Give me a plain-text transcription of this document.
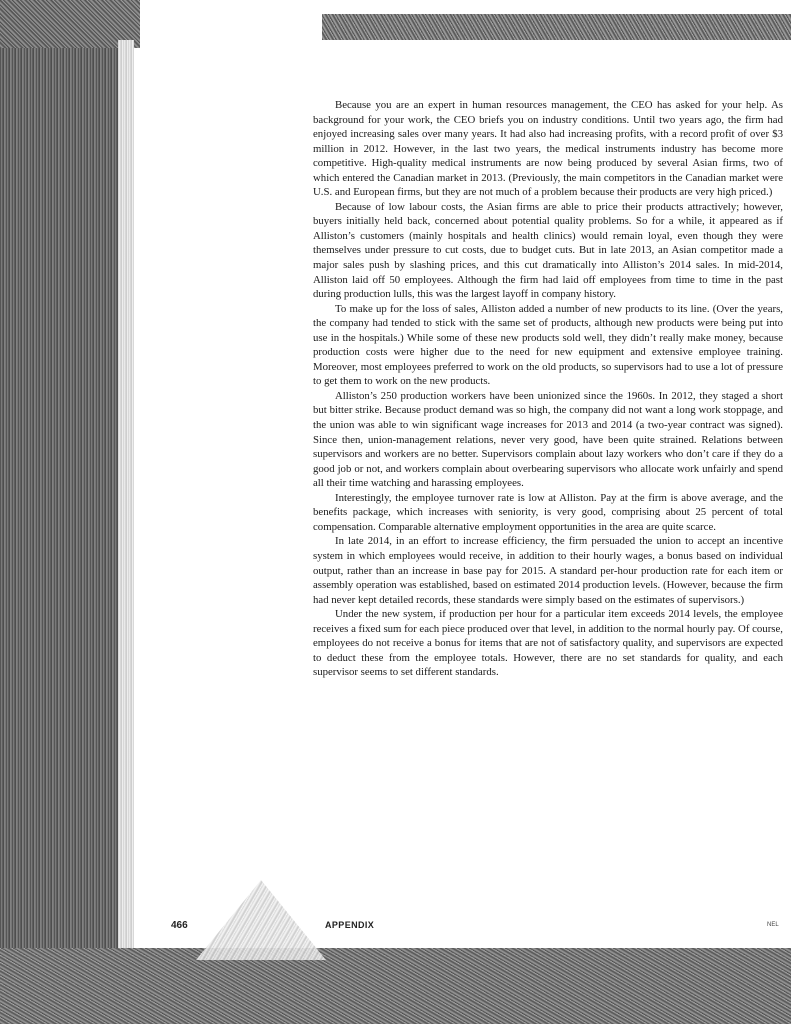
Because you are an expert in human resources management, the CEO has asked for your help. As background for your work, the CEO briefs you on industry conditions. Until two years ago, the firm had enjoyed increasing sales over many years. It had also had increasing profits, with a record profit of over $3 million in 2012. However, in the last two years, the medical instruments industry has become more competitive. High-quality medical instruments are now being produced by several Asian firms, two of which entered the Canadian market in 2013. (Previously, the main competitors in the Canadian market were U.S. and European firms, but they are not much of a problem because their products are very high priced.)

Because of low labour costs, the Asian firms are able to price their products attractively; however, buyers initially held back, concerned about potential quality problems. So for a while, it appeared as if Alliston’s customers (mainly hospitals and health clinics) would remain loyal, even though they were themselves under pressure to cut costs, due to budget cuts. But in late 2013, an Asian competitor made a major sales push by slashing prices, and this cut dramatically into Alliston’s 2014 sales. In mid-2014, Alliston laid off 50 employees. Although the firm had laid off employees from time to time in the past during production lulls, this was the largest layoff in company history.

To make up for the loss of sales, Alliston added a number of new products to its line. (Over the years, the company had tended to stick with the same set of products, although new products were being put into use in the hospitals.) While some of these new products sold well, they didn’t really make money, because production costs were higher due to the need for new equipment and extensive employee training. Moreover, most employees preferred to work on the old products, so supervisors had to use a lot of pressure to get them to work on the new products.

Alliston’s 250 production workers have been unionized since the 1960s. In 2012, they staged a short but bitter strike. Because product demand was so high, the company did not want a long work stoppage, and the union was able to win significant wage increases for 2013 and 2014 (a two-year contract was signed). Since then, union-management relations, never very good, have been quite strained. Relations between supervisors and workers are no better. Supervisors complain about lazy workers who don’t care if they do a good job or not, and workers complain about overbearing supervisors who allocate work unfairly and spend all their time watching and harassing employees.

Interestingly, the employee turnover rate is low at Alliston. Pay at the firm is above average, and the benefits package, which increases with seniority, is very good, comprising about 25 percent of total compensation. Comparable alternative employment opportunities in the area are quite scarce.

In late 2014, in an effort to increase efficiency, the firm persuaded the union to accept an incentive system in which employees would receive, in addition to their hourly wages, a bonus based on individual output, rather than an increase in base pay for 2015. A standard per-hour production rate for each item or assembly operation was established, based on estimated 2014 production levels. (However, because the firm had never kept detailed records, these standards were simply based on the estimates of supervisors.)

Under the new system, if production per hour for a particular item exceeds 2014 levels, the employee receives a fixed sum for each piece produced over that level, in addition to the normal hourly pay. Of course, employees do not receive a bonus for items that are not of satisfactory quality, and supervisors are expected to deduct these from the employee totals. However, there are no set standards for quality, and each supervisor seems to set different standards.

466	APPENDIX	NEL
